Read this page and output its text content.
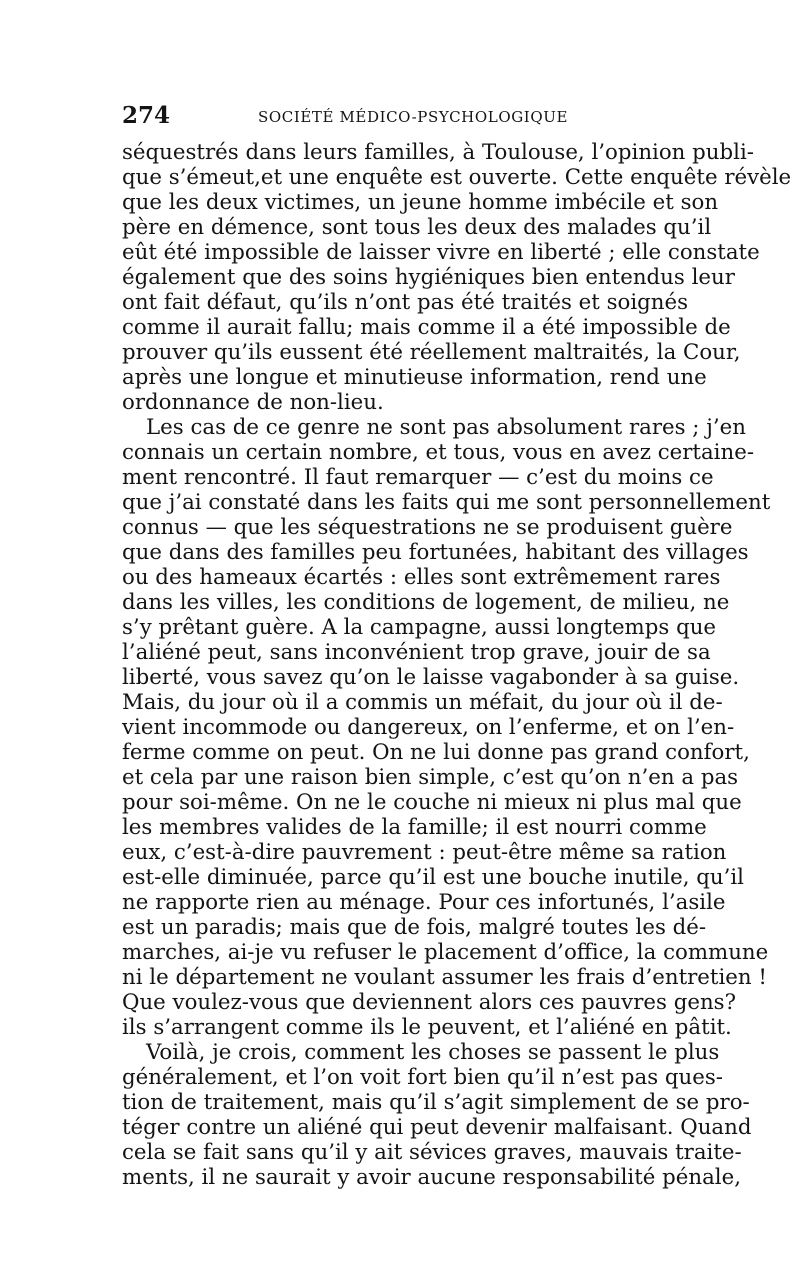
274	SOCIÉTÉ MÉDICO-PSYCHOLOGIQUE
séquestrés dans leurs familles, à Toulouse, l’opinion publi-
que s’émeut,et une enquête est ouverte. Cette enquête révèle
que les deux victimes, un jeune homme imbécile et son
père en démence, sont tous les deux des malades qu’il
eût été impossible de laisser vivre en liberté ; elle constate
également que des soins hygiéniques bien entendus leur
ont fait défaut, qu’ils n’ont pas été traités et soignés
comme il aurait fallu; mais comme il a été impossible de
prouver qu’ils eussent été réellement maltraités, la Cour,
après une longue et minutieuse information, rend une
ordonnance de non-lieu.
Les cas de ce genre ne sont pas absolument rares ; j’en
connais un certain nombre, et tous, vous en avez certaine-
ment rencontré. Il faut remarquer — c’est du moins ce
que j’ai constaté dans les faits qui me sont personnellement
connus — que les séquestrations ne se produisent guère
que dans des familles peu fortunées, habitant des villages
ou des hameaux écartés : elles sont extrêmement rares
dans les villes, les conditions de logement, de milieu, ne
s’y prêtant guère. A la campagne, aussi longtemps que
l’aliéné peut, sans inconvénient trop grave, jouir de sa
liberté, vous savez qu’on le laisse vagabonder à sa guise.
Mais, du jour où il a commis un méfait, du jour où il de-
vient incommode ou dangereux, on l’enferme, et on l’en-
ferme comme on peut. On ne lui donne pas grand confort,
et cela par une raison bien simple, c’est qu’on n’en a pas
pour soi-même. On ne le couche ni mieux ni plus mal que
les membres valides de la famille; il est nourri comme
eux, c’est-à-dire pauvrement : peut-être même sa ration
est-elle diminuée, parce qu’il est une bouche inutile, qu’il
ne rapporte rien au ménage. Pour ces infortunés, l’asile
est un paradis; mais que de fois, malgré toutes les dé-
marches, ai-je vu refuser le placement d’office, la commune
ni le département ne voulant assumer les frais d’entretien !
Que voulez-vous que deviennent alors ces pauvres gens?
ils s’arrangent comme ils le peuvent, et l’aliéné en pâtit.
Voilà, je crois, comment les choses se passent le plus
généralement, et l’on voit fort bien qu’il n’est pas ques-
tion de traitement, mais qu’il s’agit simplement de se pro-
téger contre un aliéné qui peut devenir malfaisant. Quand
cela se fait sans qu’il y ait sévices graves, mauvais traite-
ments, il ne saurait y avoir aucune responsabilité pénale,
